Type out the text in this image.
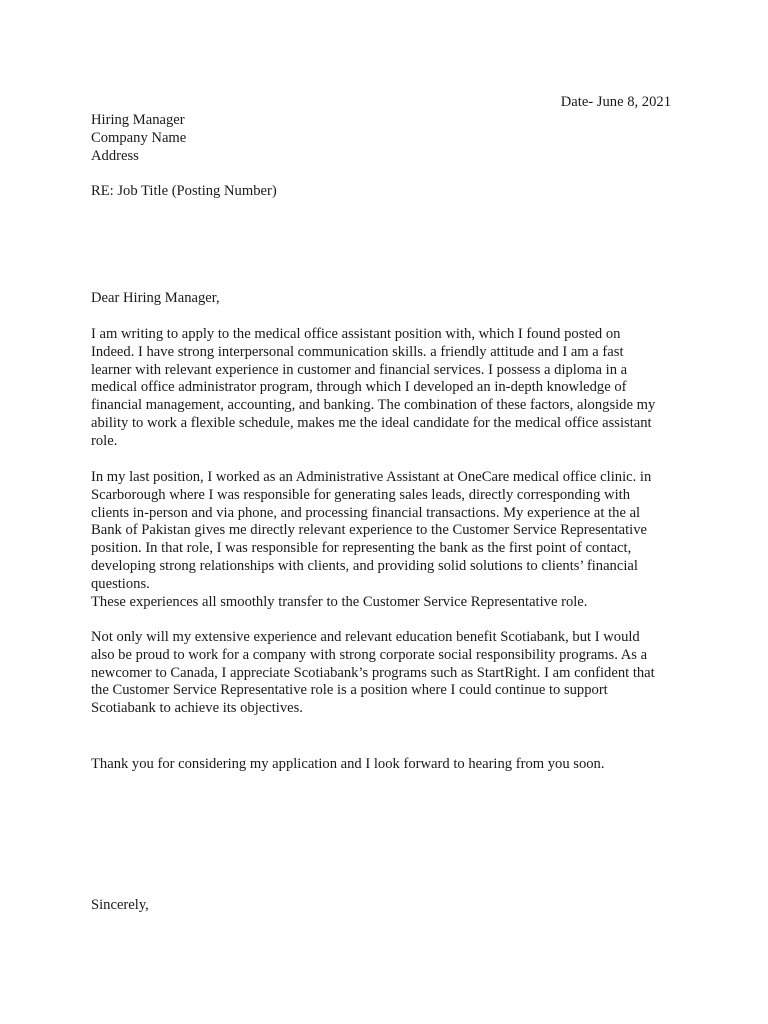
Date- June 8, 2021
Hiring Manager
Company Name
Address
RE: Job Title (Posting Number)
Dear Hiring Manager,
I am writing to apply to the medical office assistant position with, which I found posted on
Indeed. I have strong interpersonal communication skills. a friendly attitude and I am a fast
learner with relevant experience in customer and financial services. I possess a diploma in a
medical office administrator program, through which I developed an in-depth knowledge of
financial management, accounting, and banking. The combination of these factors, alongside my
ability to work a flexible schedule, makes me the ideal candidate for the medical office assistant
role.
In my last position, I worked as an Administrative Assistant at OneCare medical office clinic. in
Scarborough where I was responsible for generating sales leads, directly corresponding with
clients in-person and via phone, and processing financial transactions. My experience at the al
Bank of Pakistan gives me directly relevant experience to the Customer Service Representative
position. In that role, I was responsible for representing the bank as the first point of contact,
developing strong relationships with clients, and providing solid solutions to clients’ financial
questions.
These experiences all smoothly transfer to the Customer Service Representative role.
Not only will my extensive experience and relevant education benefit Scotiabank, but I would
also be proud to work for a company with strong corporate social responsibility programs. As a
newcomer to Canada, I appreciate Scotiabank’s programs such as StartRight. I am confident that
the Customer Service Representative role is a position where I could continue to support
Scotiabank to achieve its objectives.
Thank you for considering my application and I look forward to hearing from you soon.
Sincerely,
